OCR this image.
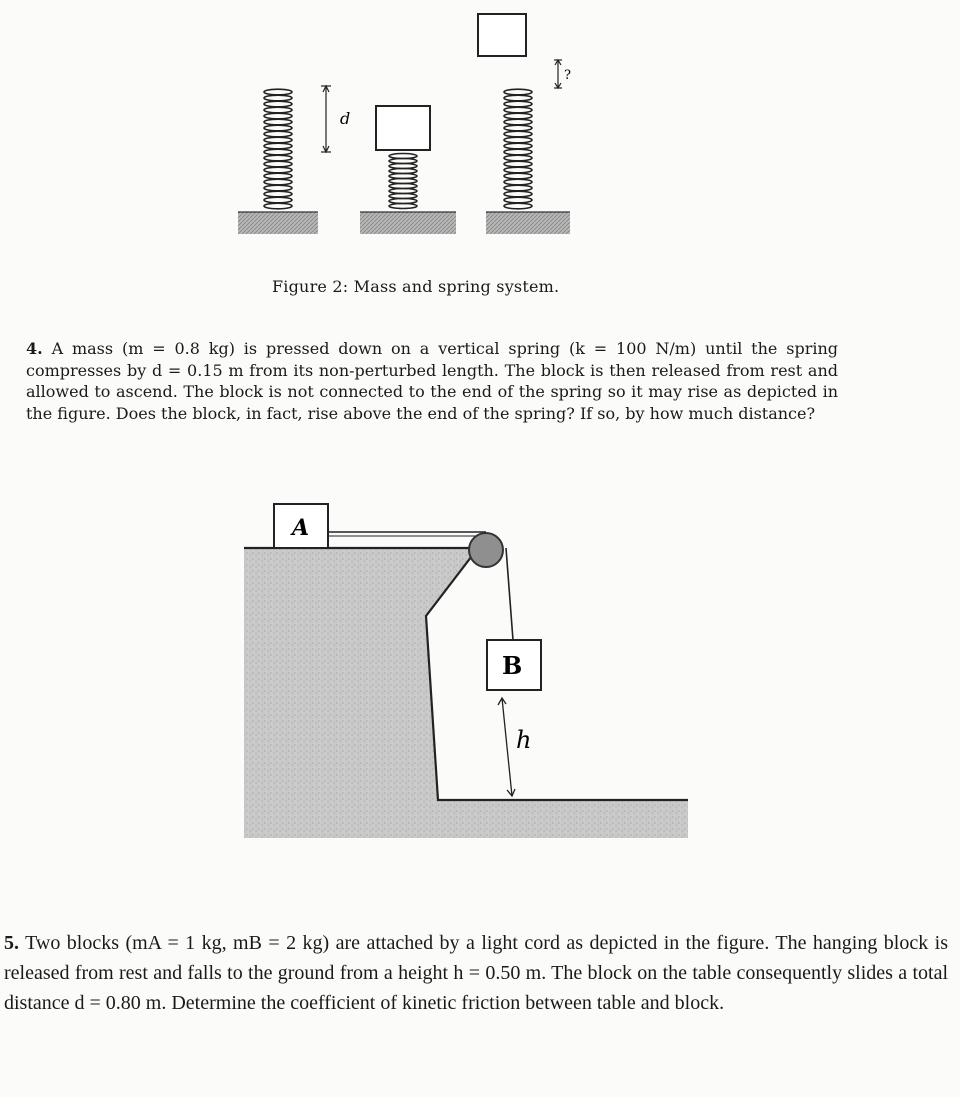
d
?
Figure 2: Mass and spring system.
4. A mass (m = 0.8 kg) is pressed down on a vertical spring (k = 100 N/m) until the spring compresses by d = 0.15 m from its non-perturbed length. The block is then released from rest and allowed to ascend. The block is not connected to the end of the spring so it may rise as depicted in the figure. Does the block, in fact, rise above the end of the spring? If so, by how much distance?
A
B
h
5. Two blocks (mA = 1 kg, mB = 2 kg) are attached by a light cord as depicted in the figure. The hanging block is released from rest and falls to the ground from a height h = 0.50 m. The block on the table consequently slides a total distance d = 0.80 m. Determine the coefficient of kinetic friction between table and block.
